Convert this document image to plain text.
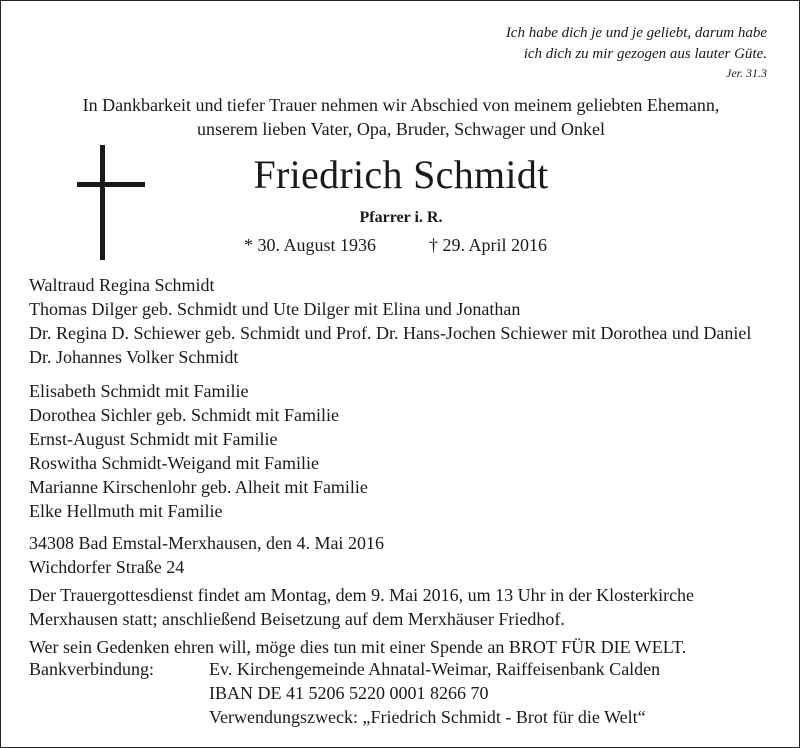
Ich habe dich je und je geliebt, darum habe
ich dich zu mir gezogen aus lauter Güte.
Jer. 31.3
In Dankbarkeit und tiefer Trauer nehmen wir Abschied von meinem geliebten Ehemann,
unserem lieben Vater, Opa, Bruder, Schwager und Onkel
Friedrich Schmidt
Pfarrer i. R.
* 30. August 1936	† 29. April 2016
Waltraud Regina Schmidt
Thomas Dilger geb. Schmidt und Ute Dilger mit Elina und Jonathan
Dr. Regina D. Schiewer geb. Schmidt und Prof. Dr. Hans-Jochen Schiewer mit Dorothea und Daniel
Dr. Johannes Volker Schmidt
Elisabeth Schmidt mit Familie
Dorothea Sichler geb. Schmidt mit Familie
Ernst-August Schmidt mit Familie
Roswitha Schmidt-Weigand mit Familie
Marianne Kirschenlohr geb. Alheit mit Familie
Elke Hellmuth mit Familie
34308 Bad Emstal-Merxhausen, den 4. Mai 2016
Wichdorfer Straße 24
Der Trauergottesdienst findet am Montag, dem 9. Mai 2016, um 13 Uhr in der Klosterkirche
Merxhausen statt; anschließend Beisetzung auf dem Merxhäuser Friedhof.
Wer sein Gedenken ehren will, möge dies tun mit einer Spende an BROT FÜR DIE WELT.
Bankverbindung:	Ev. Kirchengemeinde Ahnatal-Weimar, Raiffeisenbank Calden
IBAN DE 41 5206 5220 0001 8266 70
Verwendungszweck: „Friedrich Schmidt - Brot für die Welt“
